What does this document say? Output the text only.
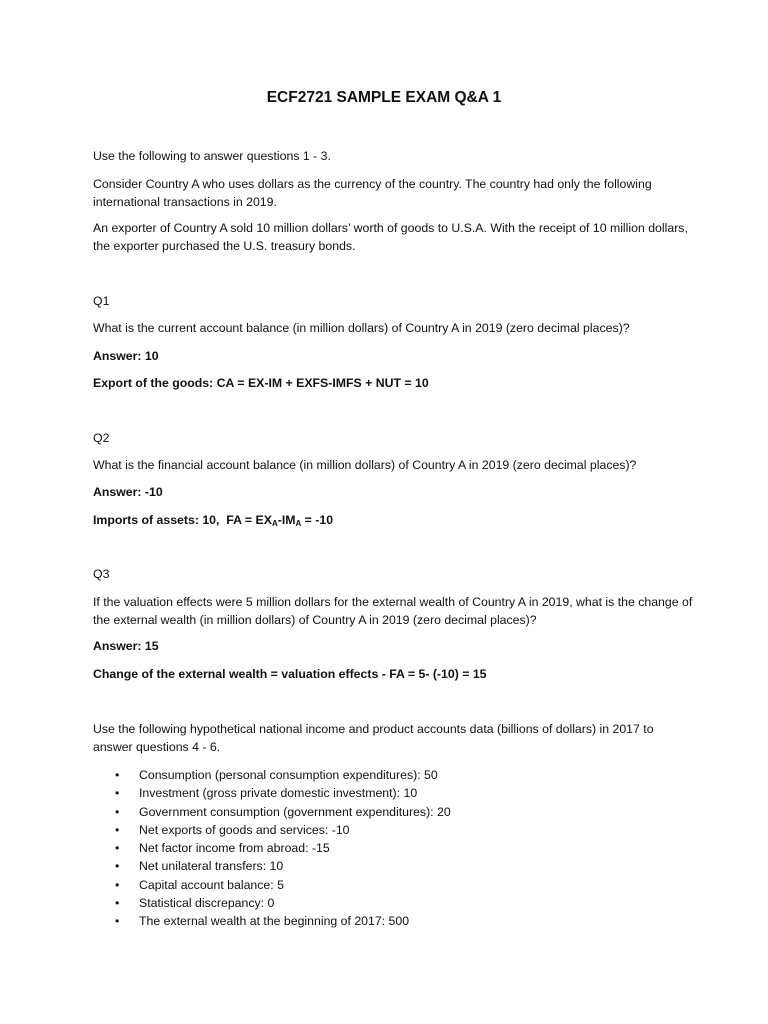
ECF2721 SAMPLE EXAM Q&A 1
Use the following to answer questions 1 - 3.
Consider Country A who uses dollars as the currency of the country. The country had only the following international transactions in 2019.
An exporter of Country A sold 10 million dollars’ worth of goods to U.S.A. With the receipt of 10 million dollars, the exporter purchased the U.S. treasury bonds.
Q1
What is the current account balance (in million dollars) of Country A in 2019 (zero decimal places)?
Answer: 10
Export of the goods: CA = EX-IM + EXFS-IMFS + NUT = 10
Q2
What is the financial account balance (in million dollars) of Country A in 2019 (zero decimal places)?
Answer: -10
Imports of assets: 10,  FA = $EX_A-IM_A = -10$
Q3
If the valuation effects were 5 million dollars for the external wealth of Country A in 2019, what is the change of the external wealth (in million dollars) of Country A in 2019 (zero decimal places)?
Answer: 15
Change of the external wealth = valuation effects - FA = 5- (-10) = 15
Use the following hypothetical national income and product accounts data (billions of dollars) in 2017 to answer questions 4 - 6.
• Consumption (personal consumption expenditures): 50
• Investment (gross private domestic investment): 10
• Government consumption (government expenditures): 20
• Net exports of goods and services: -10
• Net factor income from abroad: -15
• Net unilateral transfers: 10
• Capital account balance: 5
• Statistical discrepancy: 0
• The external wealth at the beginning of 2017: 500
